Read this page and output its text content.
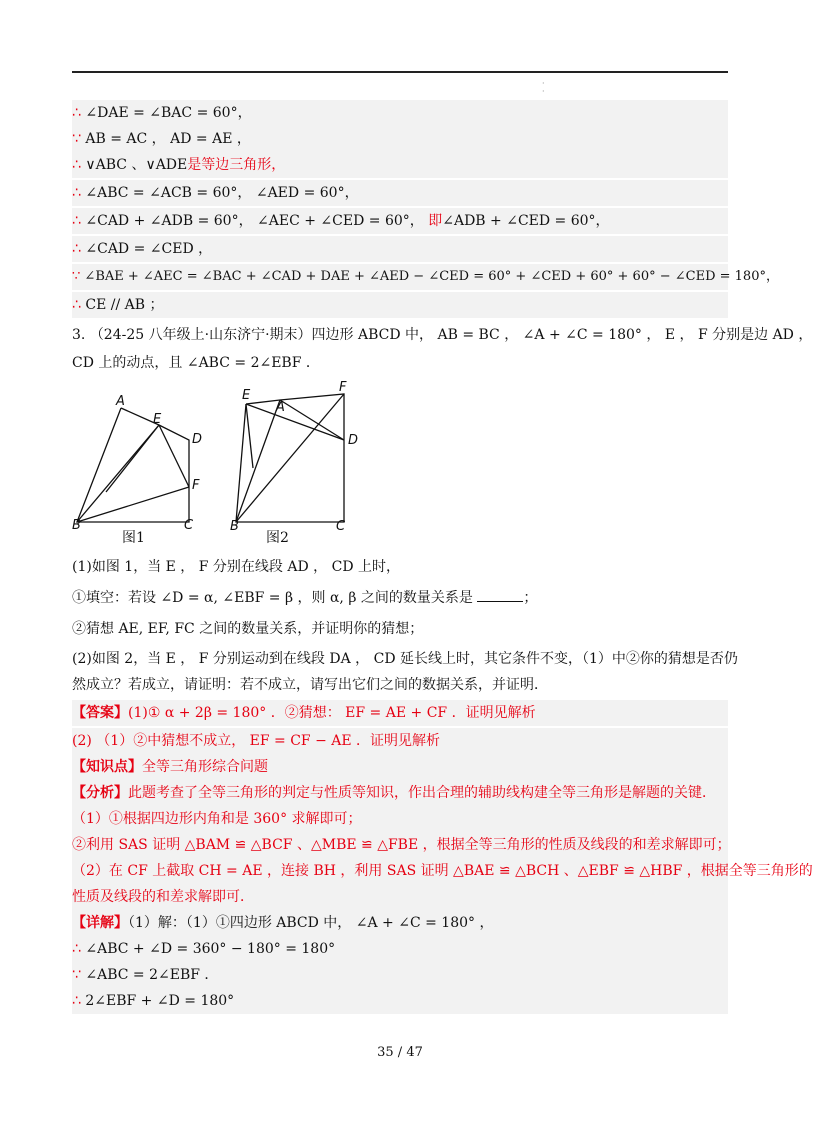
·
·
∴ ∠DAE = ∠BAC = 60°，
∵ AB = AC ， AD = AE ，
∴ ∨ABC 、∨ADE是等边三角形，
∴ ∠ABC = ∠ACB = 60°， ∠AED = 60°，
∴ ∠CAD + ∠ADB = 60°， ∠AEC + ∠CED = 60°， 即∠ADB + ∠CED = 60°，
∴ ∠CAD = ∠CED ，
∵ ∠BAE + ∠AEC = ∠BAC + ∠CAD + DAE + ∠AED − ∠CED = 60° + ∠CED + 60° + 60° − ∠CED = 180°，
∴ CE // AB ；
3. （24-25 八年级上·山东济宁·期末）四边形 ABCD 中， AB = BC ， ∠A + ∠C = 180° ， E ， F 分别是边 AD ，
CD 上的动点，且 ∠ABC = 2∠EBF ．
A
E
D
F
B	C
图1
E
F
A
D
B	C
图2
(1)如图 1，当 E ， F 分别在线段 AD ， CD 上时，
①填空：若设 ∠D = α, ∠EBF = β ，则 α, β 之间的数量关系是	；
②猜想 AE, EF, FC 之间的数量关系，并证明你的猜想；
(2)如图 2，当 E ， F 分别运动到在线段 DA ， CD 延长线上时，其它条件不变，（1）中②你的猜想是否仍
然成立？若成立，请证明：若不成立，请写出它们之间的数据关系，并证明．
【答案】(1)① α + 2β = 180° ．②猜想： EF = AE + CF ．证明见解析
(2) （1）②中猜想不成立， EF = CF − AE ．证明见解析
【知识点】全等三角形综合问题
【分析】此题考查了全等三角形的判定与性质等知识，作出合理的辅助线构建全等三角形是解题的关键．
（1）①根据四边形内角和是 360° 求解即可；
②利用 SAS 证明 △BAM ≌ △BCF 、△MBE ≌ △FBE ，根据全等三角形的性质及线段的和差求解即可；
（2）在 CF 上截取 CH = AE ，连接 BH ，利用 SAS 证明 △BAE ≌ △BCH 、△EBF ≌ △HBF ，根据全等三角形的
性质及线段的和差求解即可．
【详解】（1）解：（1）①四边形 ABCD 中， ∠A + ∠C = 180° ，
∴ ∠ABC + ∠D = 360° − 180° = 180°
∵ ∠ABC = 2∠EBF ．
∴ 2∠EBF + ∠D = 180°
35 / 47
